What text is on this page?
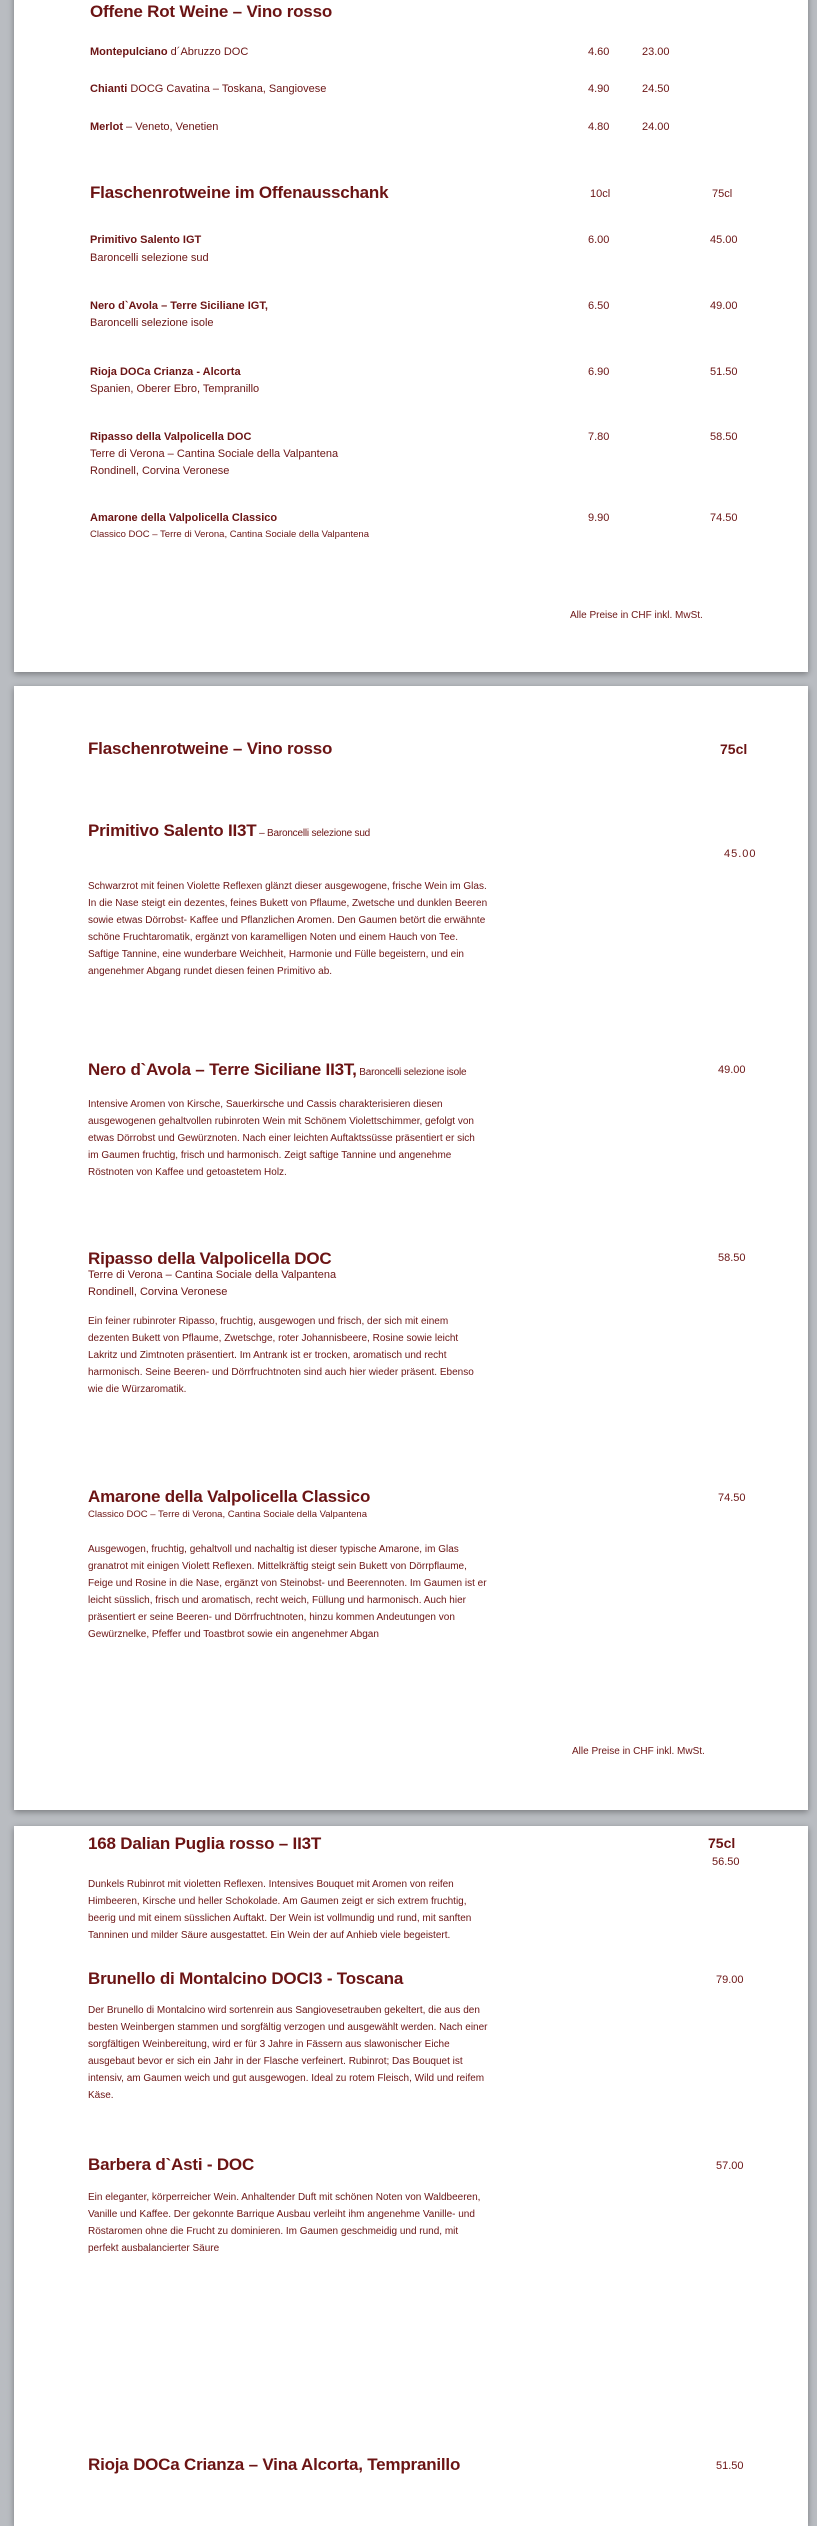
Offene Rot Weine – Vino rosso
Montepulciano d´Abruzzo DOC	4.60	23.00
Chianti DOCG Cavatina – Toskana, Sangiovese	4.90	24.50
Merlot – Veneto, Venetien	4.80	24.00
Flaschenrotweine im Offenausschank	10cl	75cl
Primitivo Salento IGT
Baroncelli selezione sud
6.00	45.00
Nero d`Avola – Terre Siciliane IGT,
Baroncelli selezione isole
6.50	49.00
Rioja DOCa Crianza - Alcorta
Spanien, Oberer Ebro, Tempranillo
6.90	51.50
Ripasso della Valpolicella DOC
Terre di Verona – Cantina Sociale della Valpantena
Rondinell, Corvina Veronese
7.80	58.50
Amarone della Valpolicella Classico
Classico DOC – Terre di Verona, Cantina Sociale della Valpantena
9.90	74.50
Alle Preise in CHF inkl. MwSt.
Flaschenrotweine – Vino rosso	75cl
Primitivo Salento II3T – Baroncelli selezione sud
45.00
Schwarzrot mit feinen Violette Reflexen glänzt dieser ausgewogene, frische Wein im Glas. In die Nase steigt ein dezentes, feines Bukett von Pflaume, Zwetsche und dunklen Beeren sowie etwas Dörrobst- Kaffee und Pflanzlichen Aromen. Den Gaumen betört die erwähnte schöne Fruchtaromatik, ergänzt von karamelligen Noten und einem Hauch von Tee. Saftige Tannine, eine wunderbare Weichheit, Harmonie und Fülle begeistern, und ein angenehmer Abgang rundet diesen feinen Primitivo ab.
Nero d`Avola – Terre Siciliane II3T, Baroncelli selezione isole	49.00
Intensive Aromen von Kirsche, Sauerkirsche und Cassis charakterisieren diesen ausgewogenen gehaltvollen rubinroten Wein mit Schönem Violettschimmer, gefolgt von etwas Dörrobst und Gewürznoten. Nach einer leichten Auftaktssüsse präsentiert er sich im Gaumen fruchtig, frisch und harmonisch. Zeigt saftige Tannine und angenehme Röstnoten von Kaffee und getoastetem Holz.
Ripasso della Valpolicella DOC	58.50
Terre di Verona – Cantina Sociale della Valpantena
Rondinell, Corvina Veronese
Ein feiner rubinroter Ripasso, fruchtig, ausgewogen und frisch, der sich mit einem dezenten Bukett von Pflaume, Zwetschge, roter Johannisbeere, Rosine sowie leicht Lakritz und Zimtnoten präsentiert. Im Antrank ist er trocken, aromatisch und recht harmonisch. Seine Beeren- und Dörrfruchtnoten sind auch hier wieder präsent. Ebenso wie die Würzaromatik.
Amarone della Valpolicella Classico	74.50
Classico DOC – Terre di Verona, Cantina Sociale della Valpantena
Ausgewogen, fruchtig, gehaltvoll und nachaltig ist dieser typische Amarone, im Glas granatrot mit einigen Violett Reflexen. Mittelkräftig steigt sein Bukett von Dörrpflaume, Feige und Rosine in die Nase, ergänzt von Steinobst- und Beerennoten. Im Gaumen ist er leicht süsslich, frisch und aromatisch, recht weich, Füllung und harmonisch. Auch hier präsentiert er seine Beeren- und Dörrfruchtnoten, hinzu kommen Andeutungen von Gewürznelke, Pfeffer und Toastbrot sowie ein angenehmer Abgan
Alle Preise in CHF inkl. MwSt.
75cl
168 Dalian Puglia rosso – II3T
56.50
Dunkels Rubinrot mit violetten Reflexen. Intensives Bouquet mit Aromen von reifen Himbeeren, Kirsche und heller Schokolade. Am Gaumen zeigt er sich extrem fruchtig, beerig und mit einem süsslichen Auftakt. Der Wein ist vollmundig und rund, mit sanften Tanninen und milder Säure ausgestattet. Ein Wein der auf Anhieb viele begeistert.
Brunello di Montalcino DOCI3 - Toscana	79.00
Der Brunello di Montalcino wird sortenrein aus Sangiovesetrauben gekeltert, die aus den besten Weinbergen stammen und sorgfältig verzogen und ausgewählt werden. Nach einer sorgfältigen Weinbereitung, wird er für 3 Jahre in Fässern aus slawonischer Eiche ausgebaut bevor er sich ein Jahr in der Flasche verfeinert. Rubinrot; Das Bouquet ist intensiv, am Gaumen weich und gut ausgewogen. Ideal zu rotem Fleisch, Wild und reifem Käse.
Barbera d`Asti - DOC	57.00
Ein eleganter, körperreicher Wein. Anhaltender Duft mit schönen Noten von Waldbeeren, Vanille und Kaffee. Der gekonnte Barrique Ausbau verleiht ihm angenehme Vanille- und Röstaromen ohne die Frucht zu dominieren. Im Gaumen geschmeidig und rund, mit perfekt ausbalancierter Säure
Rioja DOCa Crianza – Vina Alcorta, Tempranillo	51.50
